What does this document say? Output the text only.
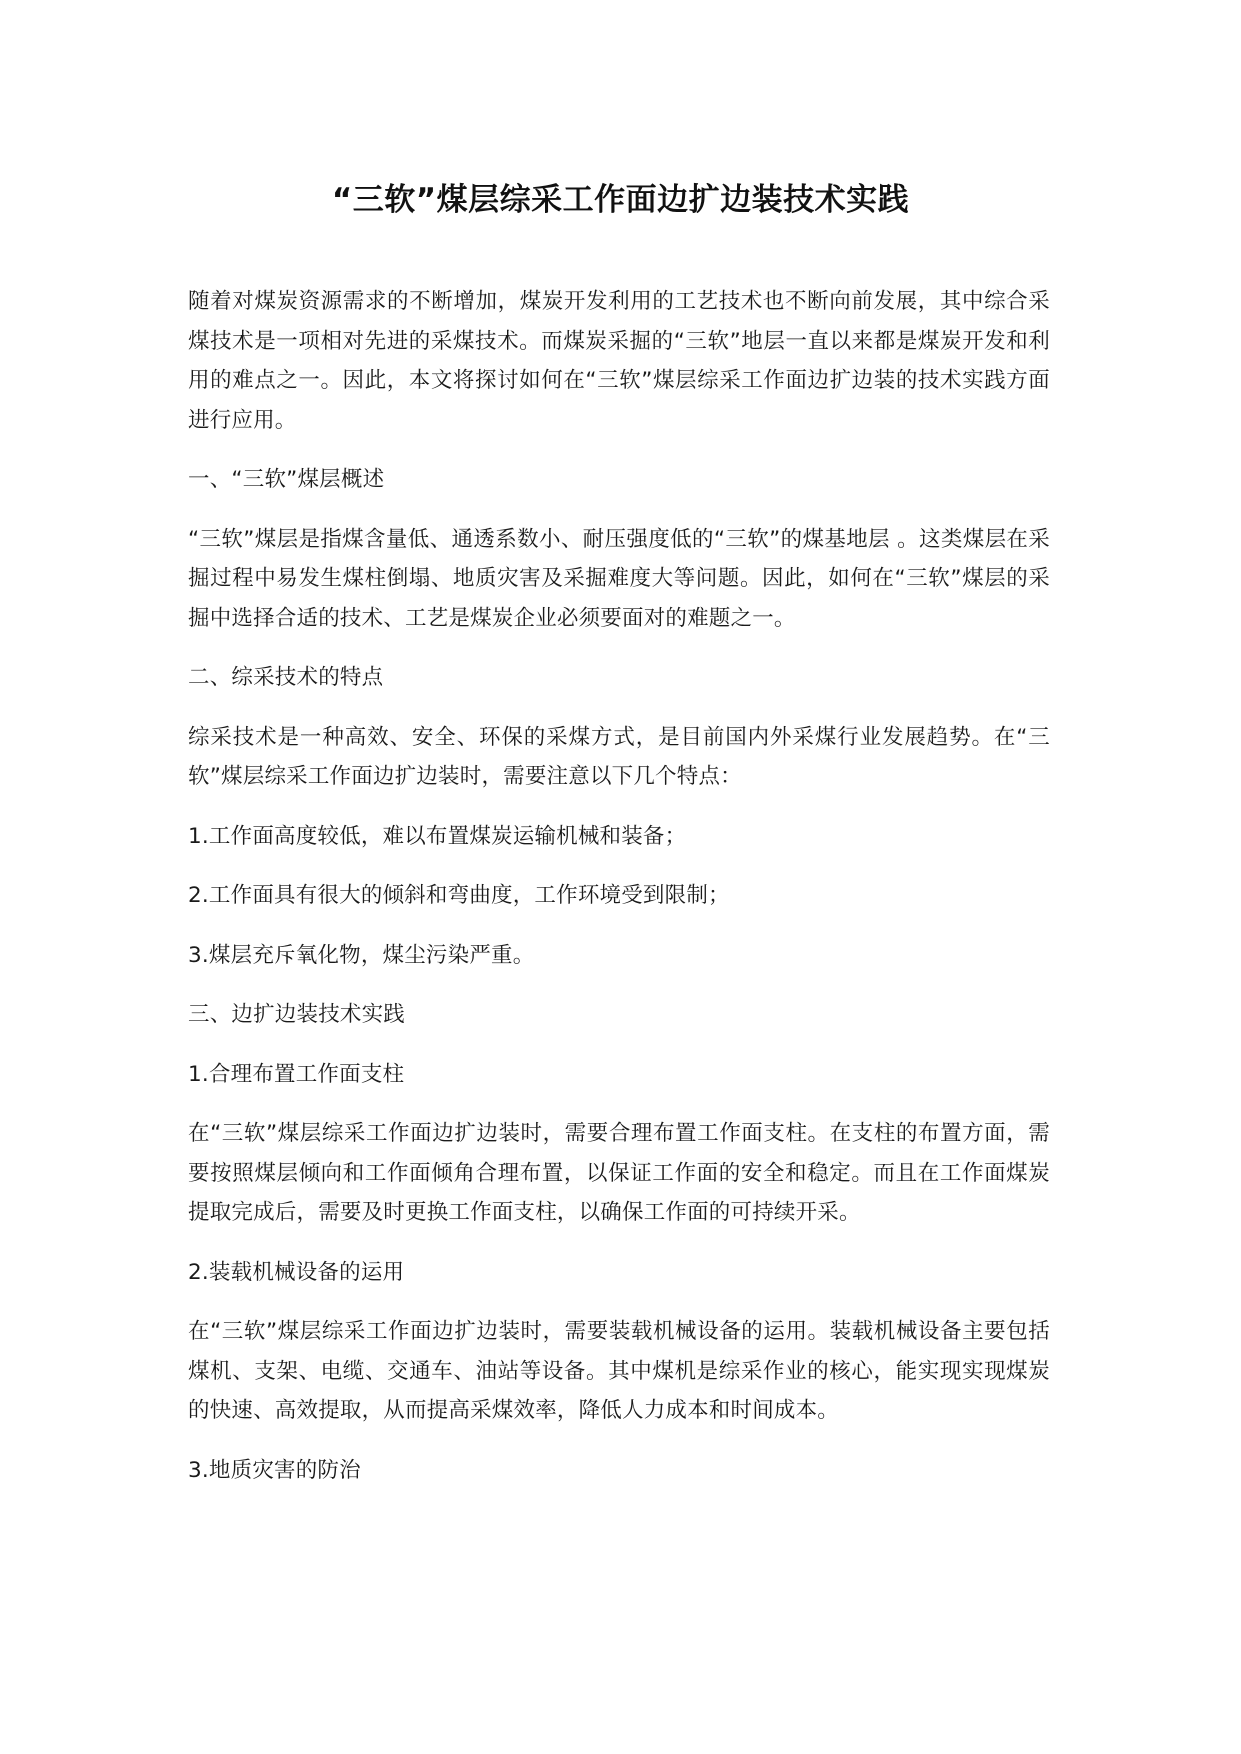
“三软”煤层综采工作面边扩边装技术实践

随着对煤炭资源需求的不断增加，煤炭开发利用的工艺技术也不断向前发展，其中综合采煤技术是一项相对先进的采煤技术。而煤炭采掘的“三软”地层一直以来都是煤炭开发和利用的难点之一。因此，本文将探讨如何在“三软”煤层综采工作面边扩边装的技术实践方面进行应用。

一、“三软”煤层概述

“三软”煤层是指煤含量低、通透系数小、耐压强度低的“三软”的煤基地层 。这类煤层在采掘过程中易发生煤柱倒塌、地质灾害及采掘难度大等问题。因此，如何在“三软”煤层的采掘中选择合适的技术、工艺是煤炭企业必须要面对的难题之一。

二、综采技术的特点

综采技术是一种高效、安全、环保的采煤方式，是目前国内外采煤行业发展趋势。在“三软”煤层综采工作面边扩边装时，需要注意以下几个特点：

1.工作面高度较低，难以布置煤炭运输机械和装备；

2.工作面具有很大的倾斜和弯曲度，工作环境受到限制；

3.煤层充斥氧化物，煤尘污染严重。

三、边扩边装技术实践

1.合理布置工作面支柱

在“三软”煤层综采工作面边扩边装时，需要合理布置工作面支柱。在支柱的布置方面，需要按照煤层倾向和工作面倾角合理布置，以保证工作面的安全和稳定。而且在工作面煤炭提取完成后，需要及时更换工作面支柱，以确保工作面的可持续开采。

2.装载机械设备的运用

在“三软”煤层综采工作面边扩边装时，需要装载机械设备的运用。装载机械设备主要包括煤机、支架、电缆、交通车、油站等设备。其中煤机是综采作业的核心，能实现实现煤炭的快速、高效提取，从而提高采煤效率，降低人力成本和时间成本。

3.地质灾害的防治
